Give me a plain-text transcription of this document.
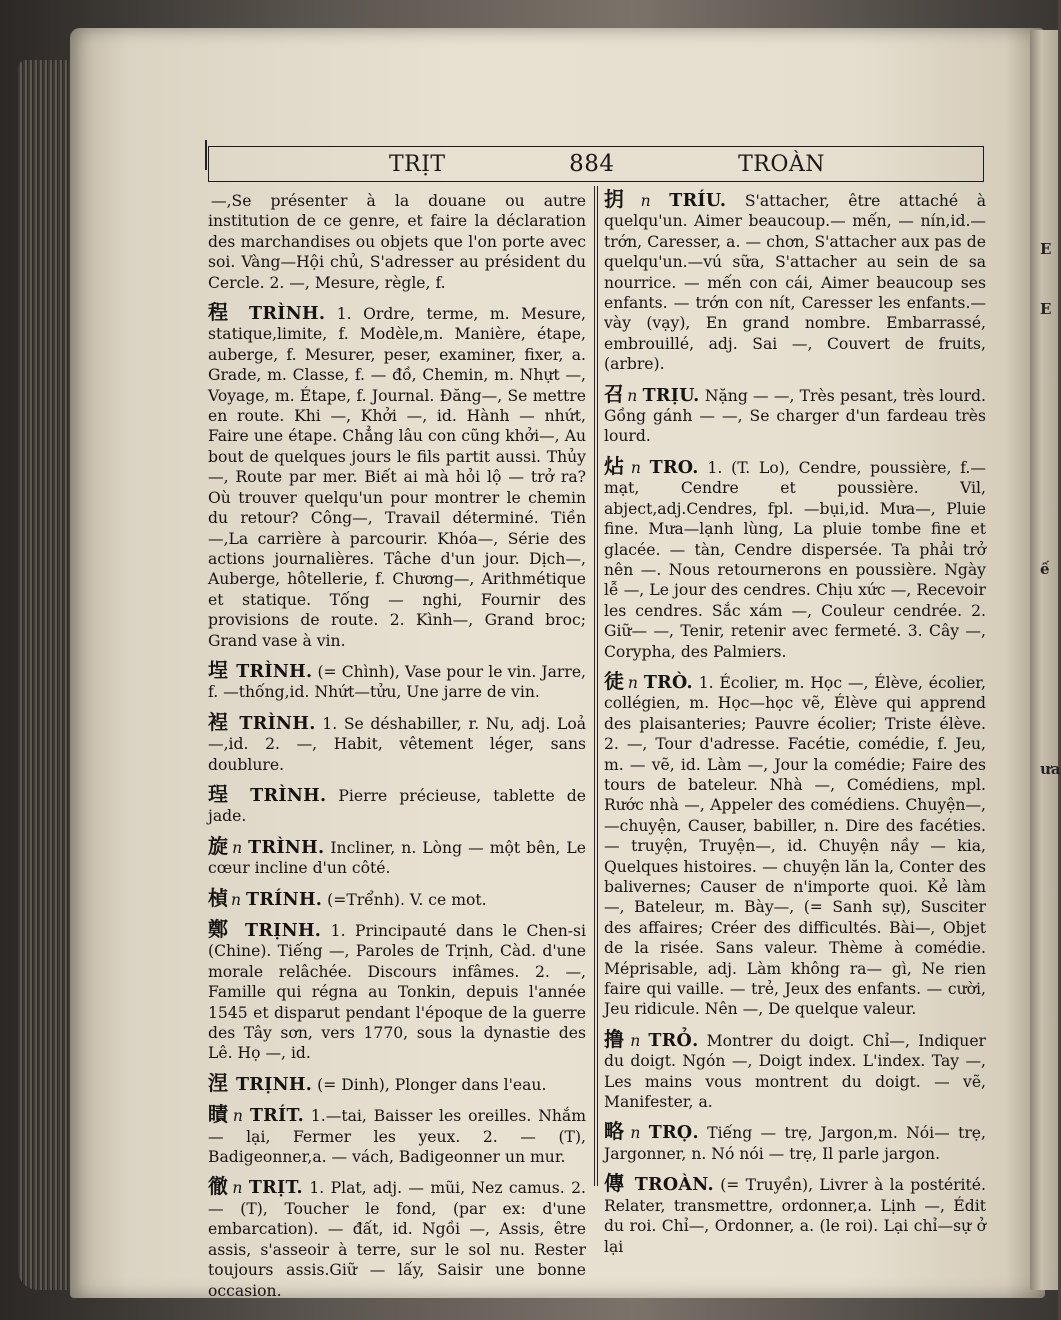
E
E
ế
ưa
TRỊT	884	TROÀN

—,Se présenter à la douane ou autre institution de ce genre, et faire la déclaration des marchandises ou objets que l'on porte avec soi. Vàng—Hội chủ, S'adresser au président du Cercle. 2. —, Mesure, règle, f.

程 TRÌNH. 1. Ordre, terme, m. Mesure, statique,limite, f. Modèle,m. Manière, étape, auberge, f. Mesurer, peser, examiner, fixer, a. Grade, m. Classe, f. — đồ, Chemin, m. Nhựt —, Voyage, m. Étape, f. Journal. Đăng—, Se mettre en route. Khi —, Khởi —, id. Hành — nhứt, Faire une étape. Chẳng lâu con cũng khởi—, Au bout de quelques jours le fils partit aussi. Thủy —, Route par mer. Biết ai mà hỏi lộ — trở ra? Où trouver quelqu'un pour montrer le chemin du retour? Công—, Travail déterminé. Tiền—,La carrière à parcourir. Khóa—, Série des actions journalières. Tâche d'un jour. Dịch—, Auberge, hôtellerie, f. Chương—, Arithmétique et statique. Tống — nghi, Fournir des provisions de route. 2. Kình—, Grand broc; Grand vase à vin.

埕 TRÌNH. (= Chình), Vase pour le vin. Jarre, f. —thống,id. Nhứt—tửu, Une jarre de vin.

裎 TRÌNH. 1. Se déshabiller, r. Nu, adj. Loả —,id. 2. —, Habit, vêtement léger, sans doublure.

珵 TRÌNH. Pierre précieuse, tablette de jade.

旋 n TRÌNH. Incliner, n. Lòng — một bên, Le cœur incline d'un côté.

楨 n TRÍNH. (=Trểnh). V. ce mot.

鄭 TRỊNH. 1. Principauté dans le Chen-si (Chine). Tiếng —, Paroles de Trịnh, Càd. d'une morale relâchée. Discours infâmes. 2. —, Famille qui régna au Tonkin, depuis l'année 1545 et disparut pendant l'époque de la guerre des Tây sơn, vers 1770, sous la dynastie des Lê. Họ —, id.

涅 TRỊNH. (= Dinh), Plonger dans l'eau.

瞔 n TRÍT. 1.—tai, Baisser les oreilles. Nhắm — lại, Fermer les yeux. 2. — (T), Badigeonner,a. — vách, Badigeonner un mur.

徹 n TRỊT. 1. Plat, adj. — mũi, Nez camus. 2. — (T), Toucher le fond, (par ex: d'une embarcation). — đất, id. Ngồi —, Assis, être assis, s'asseoir à terre, sur le sol nu. Rester toujours assis.Giữ — lấy, Saisir une bonne occasion.

抈 n TRÍU. S'attacher, être attaché à quelqu'un. Aimer beaucoup.— mến, — nín,id.—trớn, Caresser, a. — chơn, S'attacher aux pas de quelqu'un.—vú sữa, S'attacher au sein de sa nourrice. — mến con cái, Aimer beaucoup ses enfants. — trớn con nít, Caresser les enfants.— vày (vạy), En grand nombre. Embarrassé, embrouillé, adj. Sai —, Couvert de fruits, (arbre).

召 n TRỊU. Nặng — —, Très pesant, très lourd. Gồng gánh — —, Se charger d'un fardeau très lourd.

炶 n TRO. 1. (T. Lo), Cendre, poussière, f.— mạt, Cendre et poussière. Vil, abject,adj.Cendres, fpl. —bụi,id. Mưa—, Pluie fine. Mưa—lạnh lùng, La pluie tombe fine et glacée. — tàn, Cendre dispersée. Ta phải trở nên —. Nous retournerons en poussière. Ngày lễ —, Le jour des cendres. Chịu xức —, Recevoir les cendres. Sắc xám —, Couleur cendrée. 2. Giữ— —, Tenir, retenir avec fermeté. 3. Cây —, Corypha, des Palmiers.

徒 n TRÒ. 1. Écolier, m. Học —, Élève, écolier, collégien, m. Học—học vẽ, Élève qui apprend des plaisanteries; Pauvre écolier; Triste élève. 2. —, Tour d'adresse. Facétie, comédie, f. Jeu, m. — vẽ, id. Làm —, Jour la comédie; Faire des tours de bateleur. Nhà —, Comédiens, mpl. Rước nhà —, Appeler des comédiens. Chuyện—, —chuyện, Causer, babiller, n. Dire des facéties. — truyện, Truyện—, id. Chuyện nầy — kia, Quelques histoires. — chuyện lăn la, Conter des balivernes; Causer de n'importe quoi. Kẻ làm —, Bateleur, m. Bày—, (= Sanh sự), Susciter des affaires; Créer des difficultés. Bài—, Objet de la risée. Sans valeur. Thème à comédie. Méprisable, adj. Làm không ra— gì, Ne rien faire qui vaille. — trẻ, Jeux des enfants. — cười, Jeu ridicule. Nên —, De quelque valeur.

撸 n TRỎ. Montrer du doigt. Chỉ—, Indiquer du doigt. Ngón —, Doigt index. L'index. Tay —, Les mains vous montrent du doigt. — vẽ, Manifester, a.

略 n TRỌ. Tiếng — trẹ, Jargon,m. Nói— trẹ, Jargonner, n. Nó nói — trẹ, Il parle jargon.

傳 TROÀN. (= Truyền), Livrer à la postérité. Relater, transmettre, ordonner,a. Lịnh —, Édit du roi. Chỉ—, Ordonner, a. (le roi). Lại chỉ—sự ở lại
